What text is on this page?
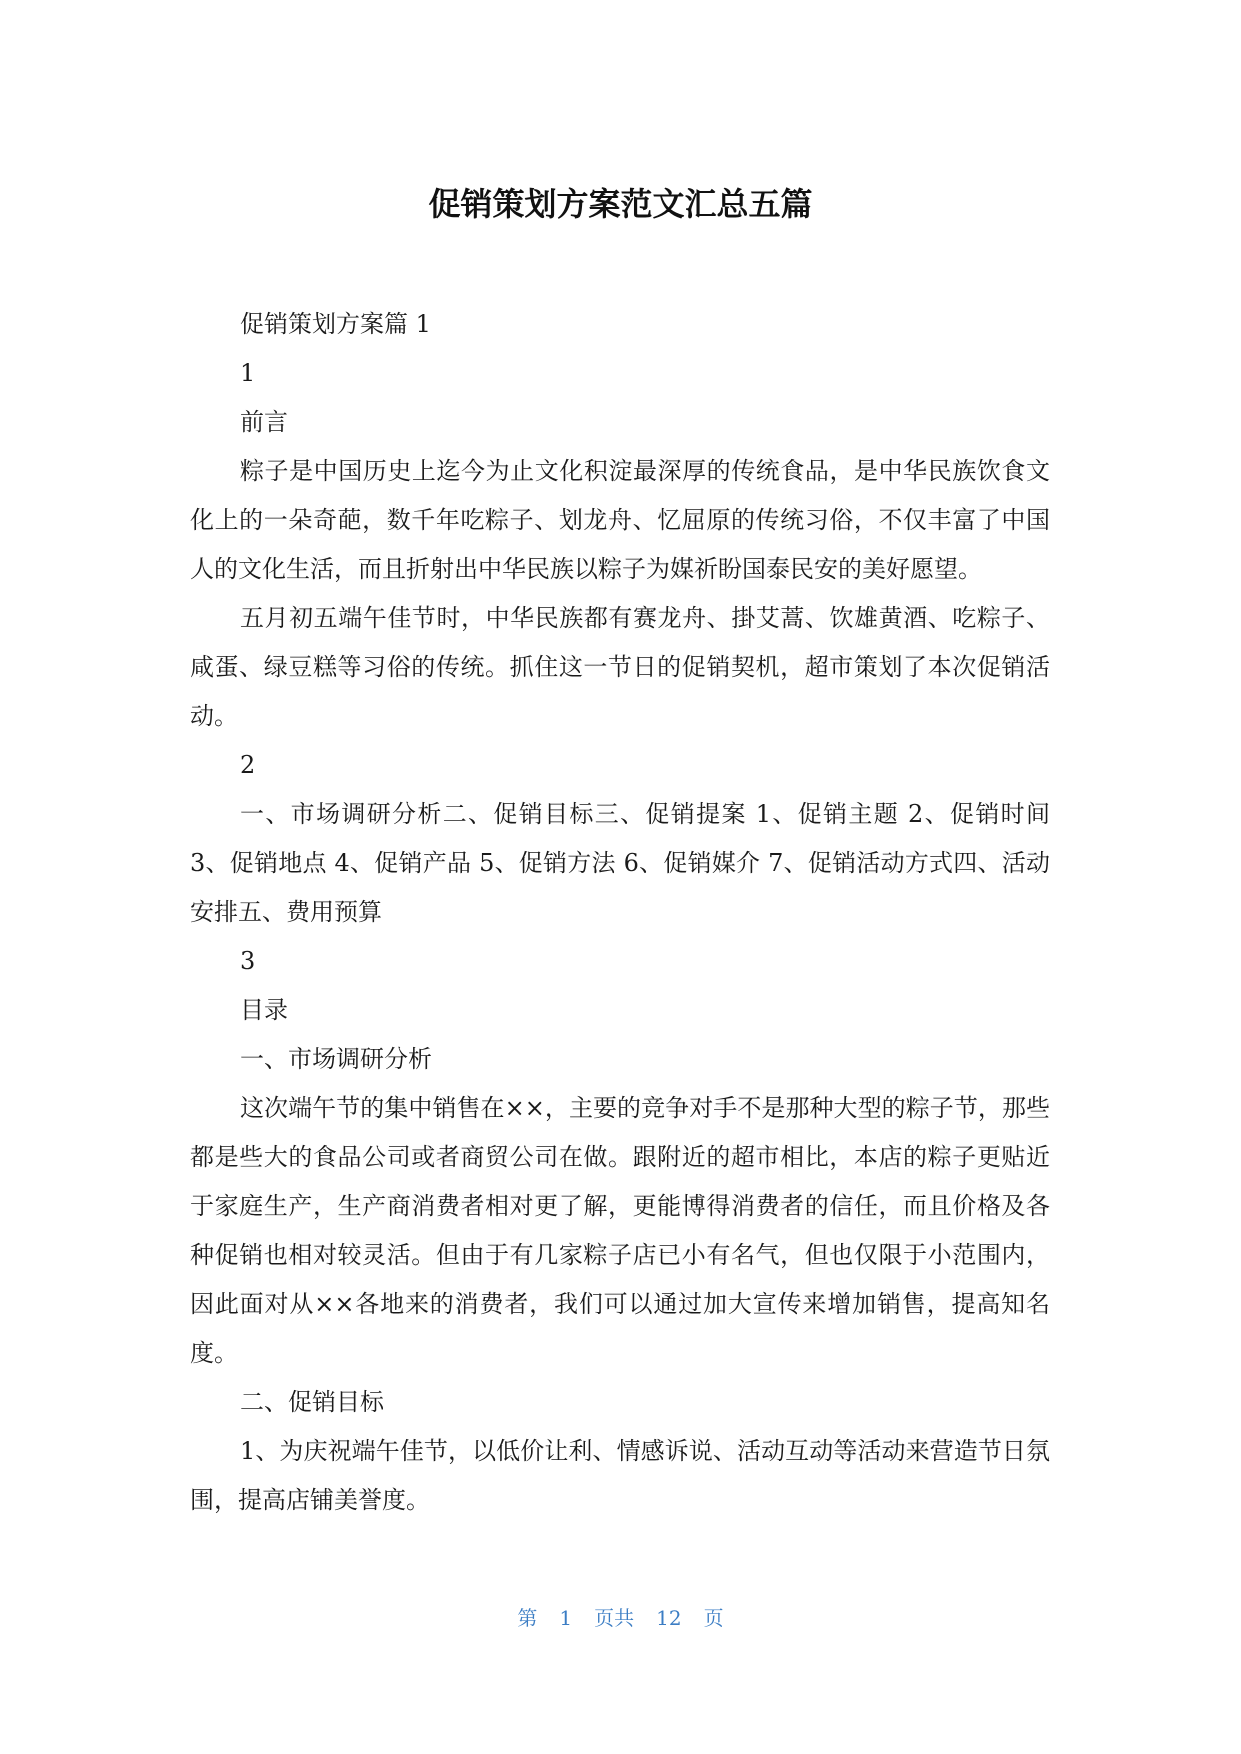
促销策划方案范文汇总五篇

促销策划方案篇 1

1

前言

粽子是中国历史上迄今为止文化积淀最深厚的传统食品，是中华民族饮食文化上的一朵奇葩，数千年吃粽子、划龙舟、忆屈原的传统习俗，不仅丰富了中国人的文化生活，而且折射出中华民族以粽子为媒祈盼国泰民安的美好愿望。

五月初五端午佳节时，中华民族都有赛龙舟、掛艾蒿、饮雄黄酒、吃粽子、咸蛋、绿豆糕等习俗的传统。抓住这一节日的促销契机，超市策划了本次促销活动。

2

一、市场调研分析二、促销目标三、促销提案 1、促销主题 2、促销时间 3、促销地点 4、促销产品 5、促销方法 6、促销媒介 7、促销活动方式四、活动安排五、费用预算

3

目录

一、市场调研分析

这次端午节的集中销售在××，主要的竞争对手不是那种大型的粽子节，那些都是些大的食品公司或者商贸公司在做。跟附近的超市相比，本店的粽子更贴近于家庭生产，生产商消费者相对更了解，更能博得消费者的信任，而且价格及各种促销也相对较灵活。但由于有几家粽子店已小有名气，但也仅限于小范围内，因此面对从××各地来的消费者，我们可以通过加大宣传来增加销售，提高知名度。

二、促销目标

1、为庆祝端午佳节，以低价让利、情感诉说、活动互动等活动来营造节日氛围，提高店铺美誉度。

第 1 页共 12 页
